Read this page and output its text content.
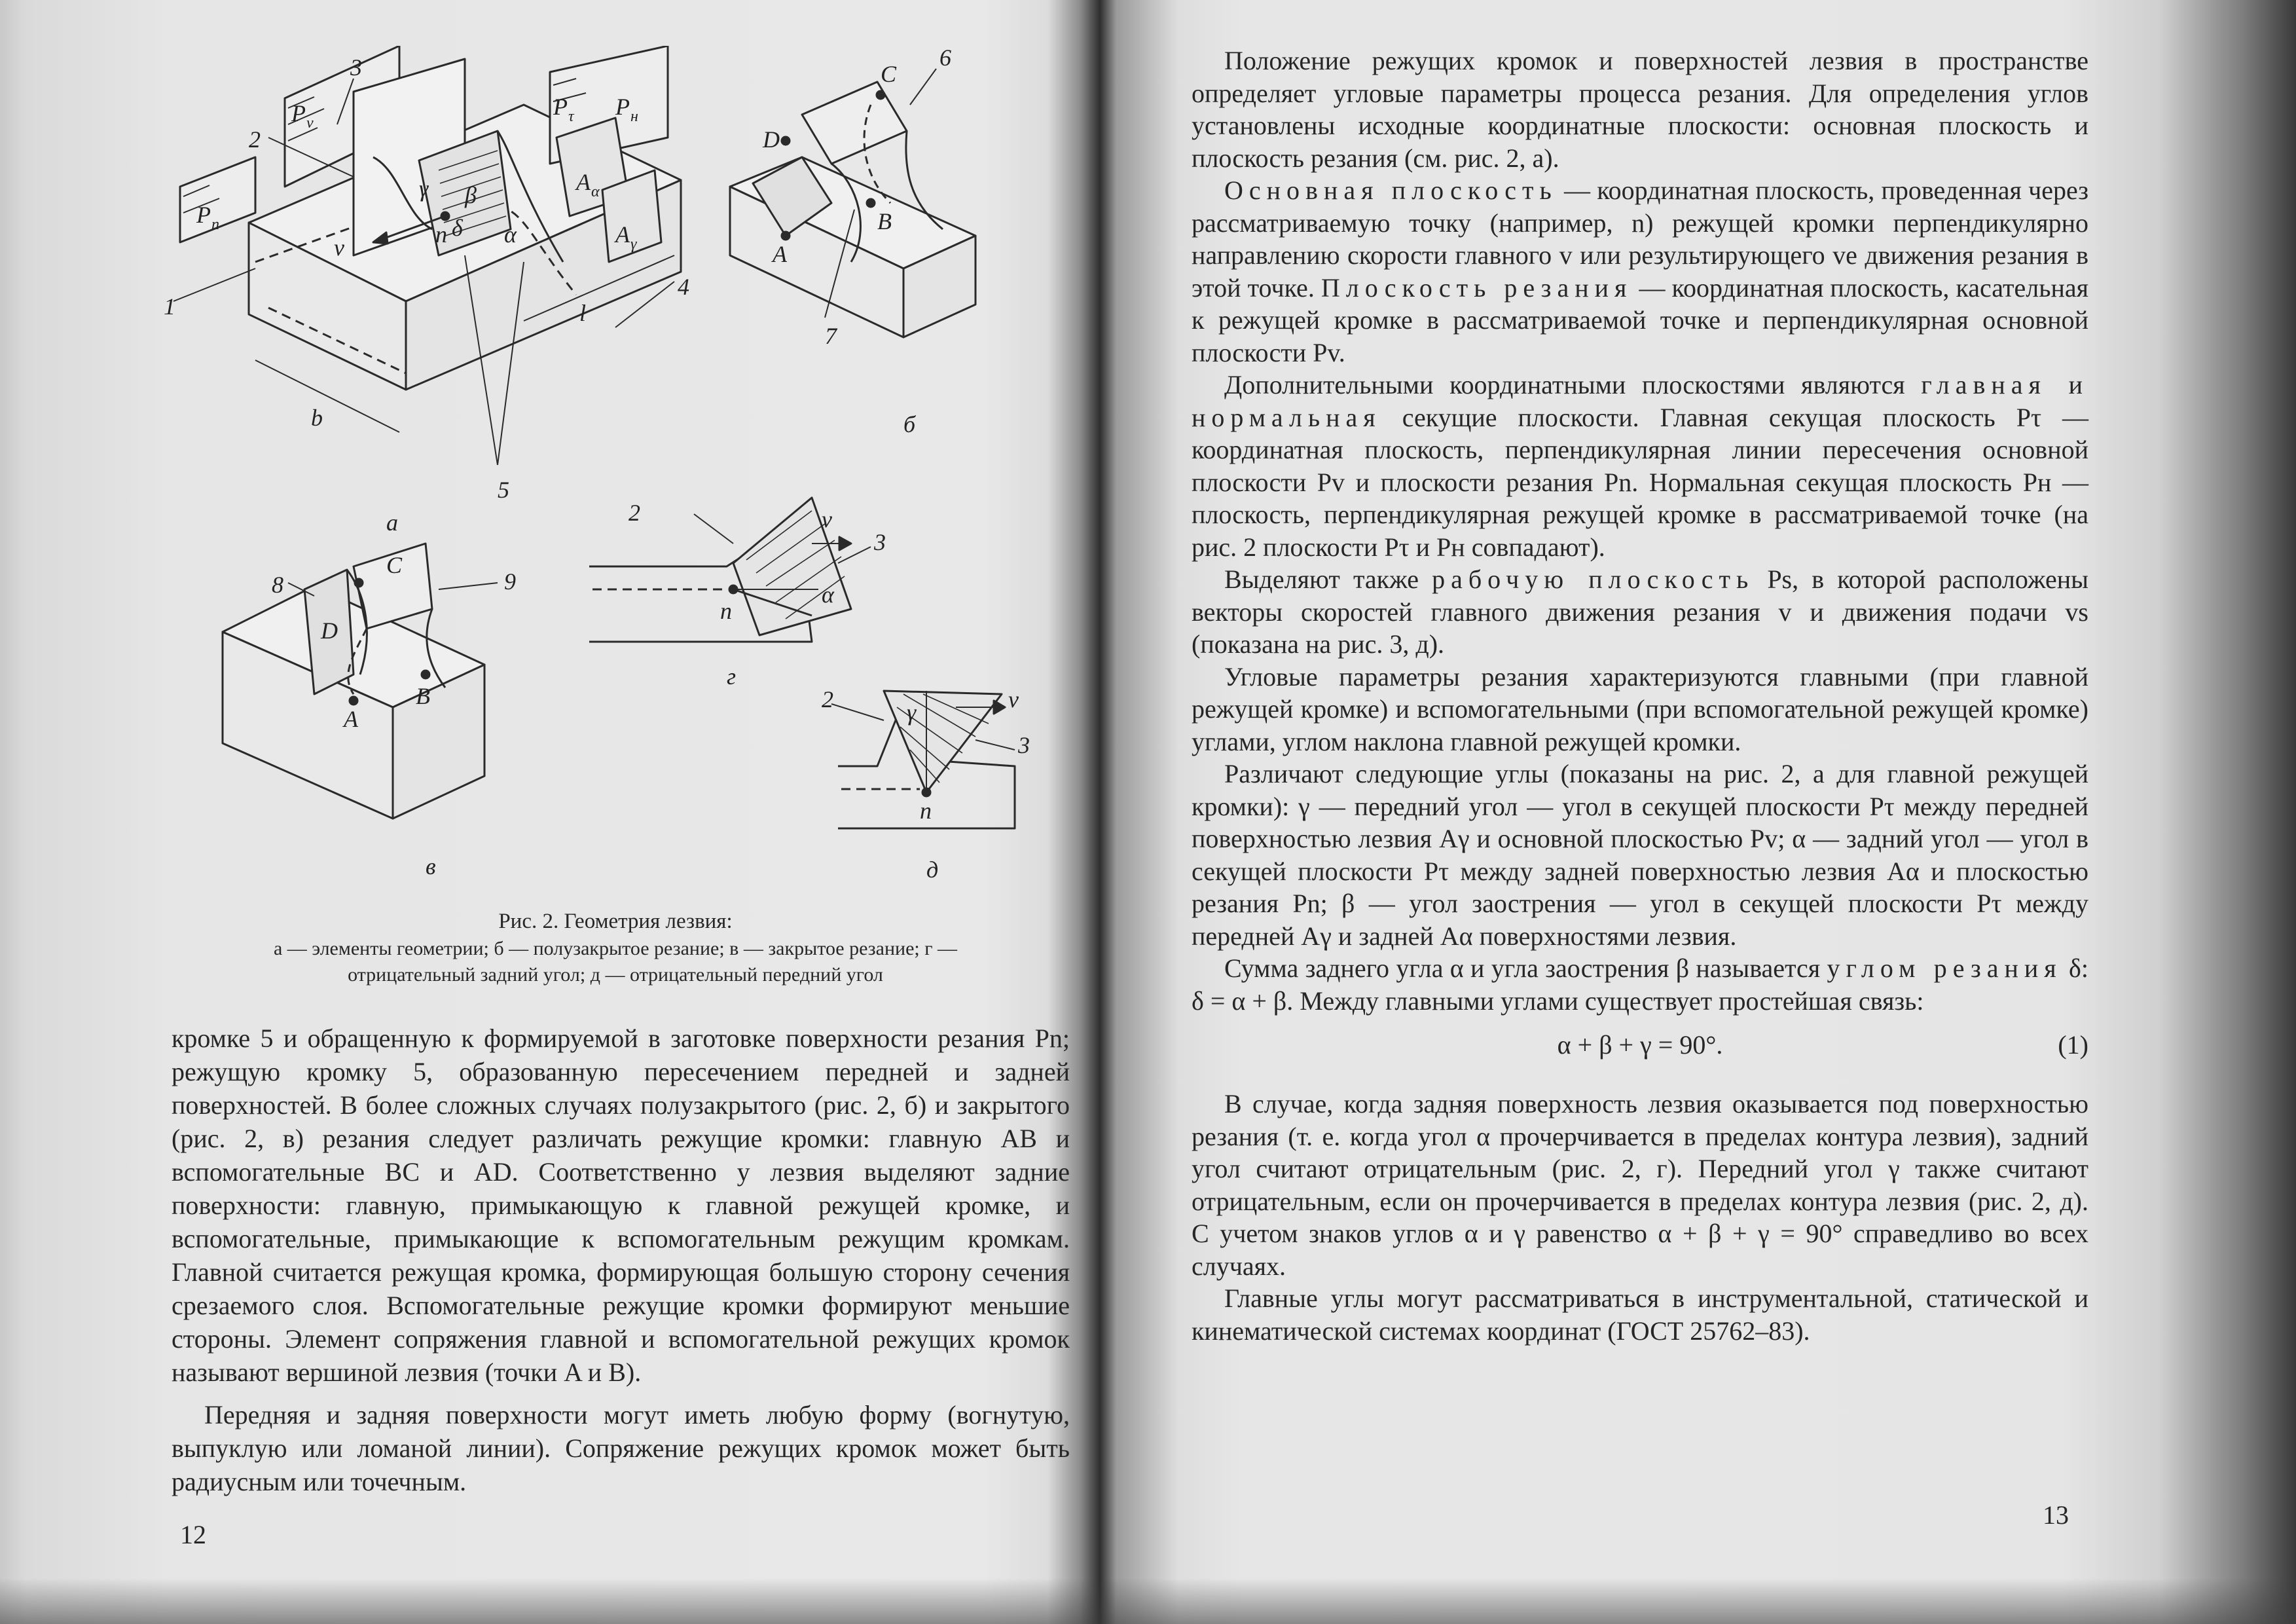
1
2
3
4
5
P v
P n
P τ P н
A α
A γ
γ β
δ α
n
v
b
l
6
7
C
D
A
B
8	9
C
D
A
B
2	v
3
n
α
2	v
3
γ
n
а
б
в
г
д
Рис. 2. Геометрия лезвия:
а — элементы геометрии; б — полузакрытое резание; в — закрытое резание; г —
отрицательный задний угол; д — отрицательный передний угол

кромке 5 и обращенную к формируемой в заготовке поверхности резания Pn; режущую кромку 5, образованную пересечением передней и задней поверхностей. В более сложных случаях полузакрытого (рис. 2, б) и закрытого (рис. 2, в) резания следует различать режущие кромки: главную AB и вспомогательные BC и AD. Соответственно у лезвия выделяют задние поверхности: главную, примыкающую к главной режущей кромке, и вспомогательные, примыкающие к вспомогательным режущим кромкам. Главной считается режущая кромка, формирующая большую сторону сечения срезаемого слоя. Вспомогательные режущие кромки формируют меньшие стороны. Элемент сопряжения главной и вспомогательной режущих кромок называют вершиной лезвия (точки A и B).

Передняя и задняя поверхности могут иметь любую форму (вогнутую, выпуклую или ломаной линии). Сопряжение режущих кромок может быть радиусным или точечным.

12

Положение режущих кромок и поверхностей лезвия в пространстве определяет угловые параметры процесса резания. Для определения углов установлены исходные координатные плоскости: основная плоскость и плоскость резания (см. рис. 2, а).

Основная плоскость — координатная плоскость, проведенная через рассматриваемую точку (например, n) режущей кромки перпендикулярно направлению скорости главного v или результирующего ve движения резания в этой точке. Плоскость резания — координатная плоскость, касательная к режущей кромке в рассматриваемой точке и перпендикулярная основной плоскости Pv.

Дополнительными координатными плоскостями являются главная и нормальная секущие плоскости. Главная секущая плоскость Pτ — координатная плоскость, перпендикулярная линии пересечения основной плоскости Pv и плоскости резания Pn. Нормальная секущая плоскость Pн — плоскость, перпендикулярная режущей кромке в рассматриваемой точке (на рис. 2 плоскости Pτ и Pн совпадают).

Выделяют также рабочую плоскость Ps, в которой расположены векторы скоростей главного движения резания v и движения подачи vs (показана на рис. 3, д).

Угловые параметры резания характеризуются главными (при главной режущей кромке) и вспомогательными (при вспомогательной режущей кромке) углами, углом наклона главной режущей кромки.

Различают следующие углы (показаны на рис. 2, а для главной режущей кромки): γ — передний угол — угол в секущей плоскости Pτ между передней поверхностью лезвия Aγ и основной плоскостью Pv; α — задний угол — угол в секущей плоскости Pτ между задней поверхностью лезвия Aα и плоскостью резания Pn; β — угол заострения — угол в секущей плоскости Pτ между передней Aγ и задней Aα поверхностями лезвия.

Сумма заднего угла α и угла заострения β называется углом резания δ: δ = α + β. Между главными углами существует простейшая связь:

α + β + γ = 90°.	(1)

В случае, когда задняя поверхность лезвия оказывается под поверхностью резания (т. е. когда угол α прочерчивается в пределах контура лезвия), задний угол считают отрицательным (рис. 2, г). Передний угол γ также считают отрицательным, если он прочерчивается в пределах контура лезвия (рис. 2, д). С учетом знаков углов α и γ равенство α + β + γ = 90° справедливо во всех случаях.

Главные углы могут рассматриваться в инструментальной, статической и кинематической системах координат (ГОСТ 25762–83).

13
